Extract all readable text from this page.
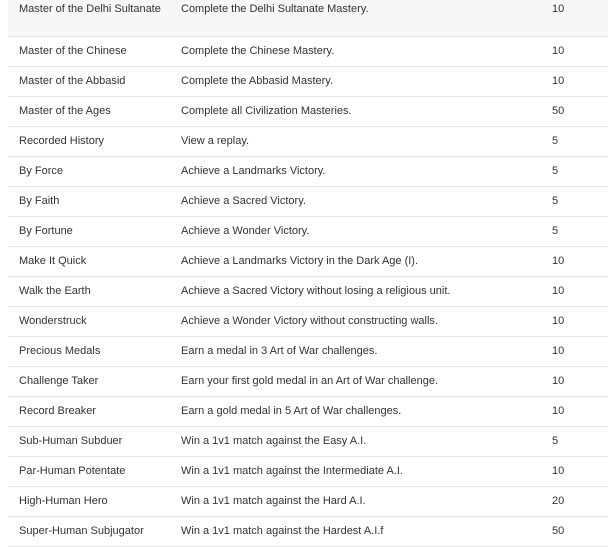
Master of the Delhi Sultanate	Complete the Delhi Sultanate Mastery.	10
Master of the Chinese	Complete the Chinese Mastery.	10
Master of the Abbasid	Complete the Abbasid Mastery.	10
Master of the Ages	Complete all Civilization Masteries.	50
Recorded History	View a replay.	5
By Force	Achieve a Landmarks Victory.	5
By Faith	Achieve a Sacred Victory.	5
By Fortune	Achieve a Wonder Victory.	5
Make It Quick	Achieve a Landmarks Victory in the Dark Age (I).	10
Walk the Earth	Achieve a Sacred Victory without losing a religious unit.	10
Wonderstruck	Achieve a Wonder Victory without constructing walls.	10
Precious Medals	Earn a medal in 3 Art of War challenges.	10
Challenge Taker	Earn your first gold medal in an Art of War challenge.	10
Record Breaker	Earn a gold medal in 5 Art of War challenges.	10
Sub-Human Subduer	Win a 1v1 match against the Easy A.I.	5
Par-Human Potentate	Win a 1v1 match against the Intermediate A.I.	10
High-Human Hero	Win a 1v1 match against the Hard A.I.	20
Super-Human Subjugator	Win a 1v1 match against the Hardest A.I.f	50
